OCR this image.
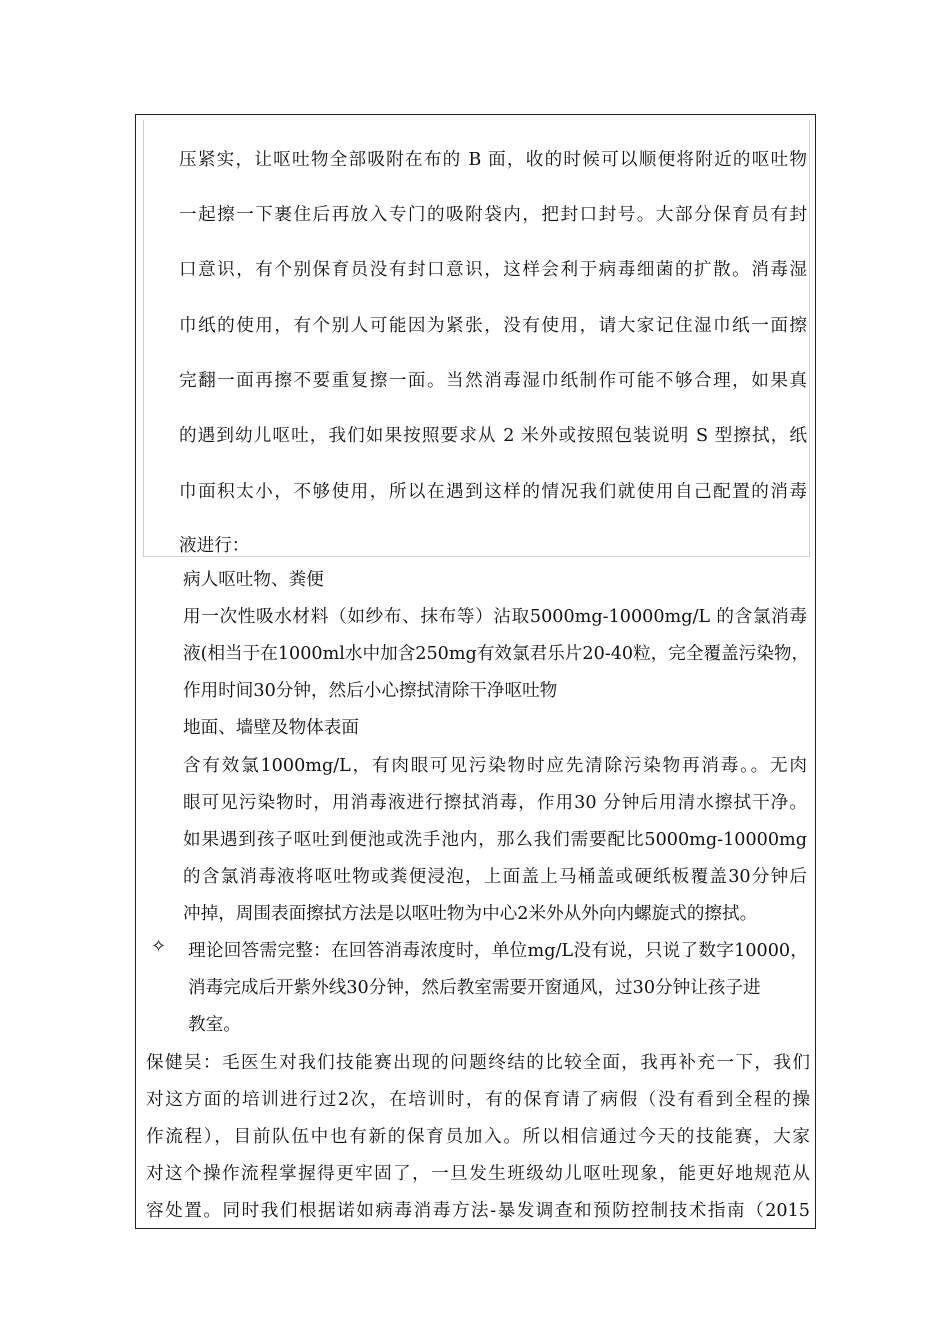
压紧实，让呕吐物全部吸附在布的 B 面，收的时候可以顺便将附近的呕吐物
一起擦一下裹住后再放入专门的吸附袋内，把封口封号。大部分保育员有封
口意识，有个别保育员没有封口意识，这样会利于病毒细菌的扩散。消毒湿
巾纸的使用，有个别人可能因为紧张，没有使用，请大家记住湿巾纸一面擦
完翻一面再擦不要重复擦一面。当然消毒湿巾纸制作可能不够合理，如果真
的遇到幼儿呕吐，我们如果按照要求从 2 米外或按照包装说明 S 型擦拭，纸
巾面积太小，不够使用，所以在遇到这样的情况我们就使用自己配置的消毒
液进行：
病人呕吐物、粪便
用一次性吸水材料（如纱布、抹布等）沾取5000mg-10000mg/L 的含氯消毒
液(相当于在1000ml水中加含250mg有效氯君乐片20-40粒，完全覆盖污染物，
作用时间30分钟，然后小心擦拭清除干净呕吐物
地面、墙壁及物体表面
含有效氯1000mg/L，有肉眼可见污染物时应先清除污染物再消毒。。无肉
眼可见污染物时，用消毒液进行擦拭消毒，作用30 分钟后用清水擦拭干净。
如果遇到孩子呕吐到便池或洗手池内，那么我们需要配比5000mg-10000mg
的含氯消毒液将呕吐物或粪便浸泡，上面盖上马桶盖或硬纸板覆盖30分钟后
冲掉，周围表面擦拭方法是以呕吐物为中心2米外从外向内螺旋式的擦拭。
✧ 理论回答需完整：在回答消毒浓度时，单位mg/L没有说，只说了数字10000，
消毒完成后开紫外线30分钟，然后教室需要开窗通风，过30分钟让孩子进
教室。
保健吴：毛医生对我们技能赛出现的问题终结的比较全面，我再补充一下，我们
对这方面的培训进行过2次，在培训时，有的保育请了病假（没有看到全程的操
作流程），目前队伍中也有新的保育员加入。所以相信通过今天的技能赛，大家
对这个操作流程掌握得更牢固了，一旦发生班级幼儿呕吐现象，能更好地规范从
容处置。同时我们根据诺如病毒消毒方法-暴发调查和预防控制技术指南（2015
